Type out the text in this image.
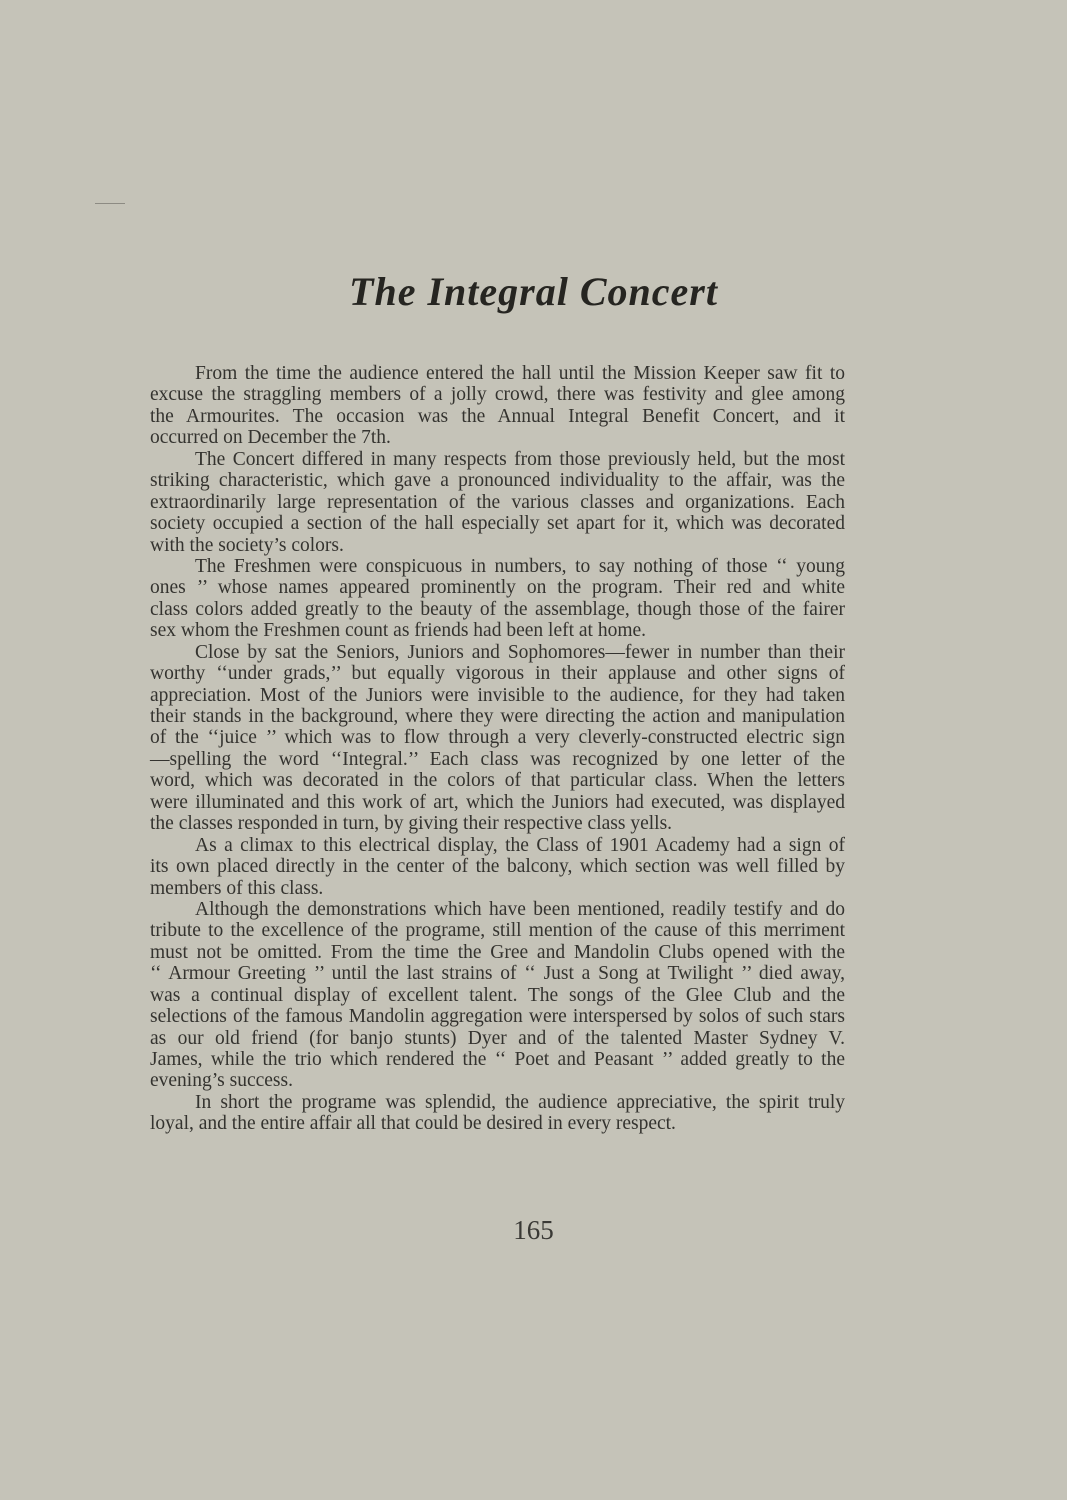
The Integral Concert
From the time the audience entered the hall until the Mission Keeper saw fit to
excuse the straggling members of a jolly crowd, there was festivity and glee among
the Armourites. The occasion was the Annual Integral Benefit Concert, and it
occurred on December the 7th.
The Concert differed in many respects from those previously held, but the most
striking characteristic, which gave a pronounced individuality to the affair, was the
extraordinarily large representation of the various classes and organizations. Each
society occupied a section of the hall especially set apart for it, which was decorated
with the society’s colors.
The Freshmen were conspicuous in numbers, to say nothing of those ‘‘ young
ones ’’ whose names appeared prominently on the program. Their red and white
class colors added greatly to the beauty of the assemblage, though those of the fairer
sex whom the Freshmen count as friends had been left at home.
Close by sat the Seniors, Juniors and Sophomores—fewer in number than their
worthy ‘‘under grads,’’ but equally vigorous in their applause and other signs of
appreciation. Most of the Juniors were invisible to the audience, for they had taken
their stands in the background, where they were directing the action and manipulation
of the ‘‘juice ’’ which was to flow through a very cleverly-constructed electric sign
—spelling the word ‘‘Integral.’’ Each class was recognized by one letter of the
word, which was decorated in the colors of that particular class. When the letters
were illuminated and this work of art, which the Juniors had executed, was displayed
the classes responded in turn, by giving their respective class yells.
As a climax to this electrical display, the Class of 1901 Academy had a sign of
its own placed directly in the center of the balcony, which section was well filled by
members of this class.
Although the demonstrations which have been mentioned, readily testify and do
tribute to the excellence of the programe, still mention of the cause of this merriment
must not be omitted. From the time the Gree and Mandolin Clubs opened with the
‘‘ Armour Greeting ’’ until the last strains of ‘‘ Just a Song at Twilight ’’ died away,
was a continual display of excellent talent. The songs of the Glee Club and the
selections of the famous Mandolin aggregation were interspersed by solos of such stars
as our old friend (for banjo stunts) Dyer and of the talented Master Sydney V.
James, while the trio which rendered the ‘‘ Poet and Peasant ’’ added greatly to the
evening’s success.
In short the programe was splendid, the audience appreciative, the spirit truly
loyal, and the entire affair all that could be desired in every respect.
165
